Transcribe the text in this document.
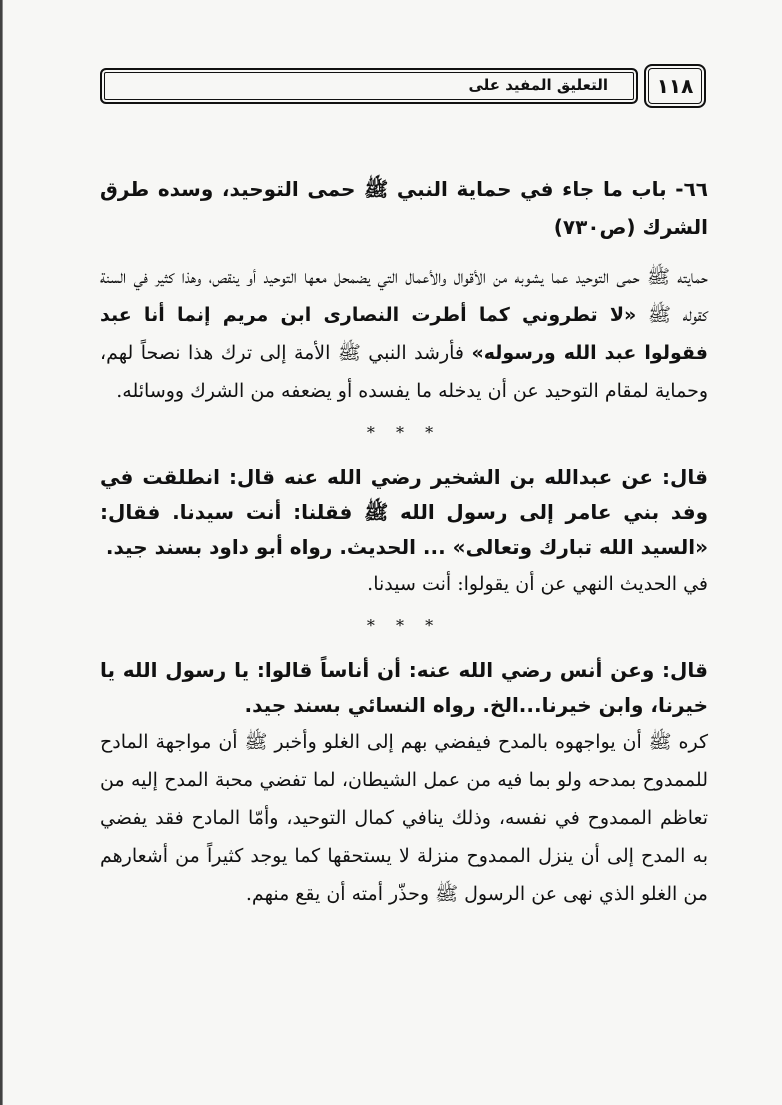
التعليق المفيد على ١١٨
٦٦- باب ما جاء في حماية النبي ﷺ حمى التوحيد، وسده طرق الشرك (ص٧٣٠)

حمايته ﷺ حمى التوحيد عما يشوبه من الأقوال والأعمال التي يضمحل معها التوحيد أو ينقص، وهذا كثير في السنة كقوله ﷺ «لا تطروني كما أطرت النصارى ابن مريم إنما أنا عبد فقولوا عبد الله ورسوله» فأرشد النبي ﷺ الأمة إلى ترك هذا نصحاً لهم، وحماية لمقام التوحيد عن أن يدخله ما يفسده أو يضعفه من الشرك ووسائله.

* * *

قال: عن عبدالله بن الشخير رضي الله عنه قال: انطلقت في وفد بني عامر إلى رسول الله ﷺ فقلنا: أنت سيدنا. فقال: «السيد الله تبارك وتعالى» ... الحديث. رواه أبو داود بسند جيد.

في الحديث النهي عن أن يقولوا: أنت سيدنا.

* * *

قال: وعن أنس رضي الله عنه: أن أناساً قالوا: يا رسول الله يا خيرنا، وابن خيرنا...الخ. رواه النسائي بسند جيد.

كره ﷺ أن يواجهوه بالمدح فيفضي بهم إلى الغلو وأخبر ﷺ أن مواجهة المادح للممدوح بمدحه ولو بما فيه من عمل الشيطان، لما تفضي محبة المدح إليه من تعاظم الممدوح في نفسه، وذلك ينافي كمال التوحيد، وأمّا المادح فقد يفضي به المدح إلى أن ينزل الممدوح منزلة لا يستحقها كما يوجد كثيراً من أشعارهم من الغلو الذي نهى عن الرسول ﷺ وحذّر أمته أن يقع منهم.
